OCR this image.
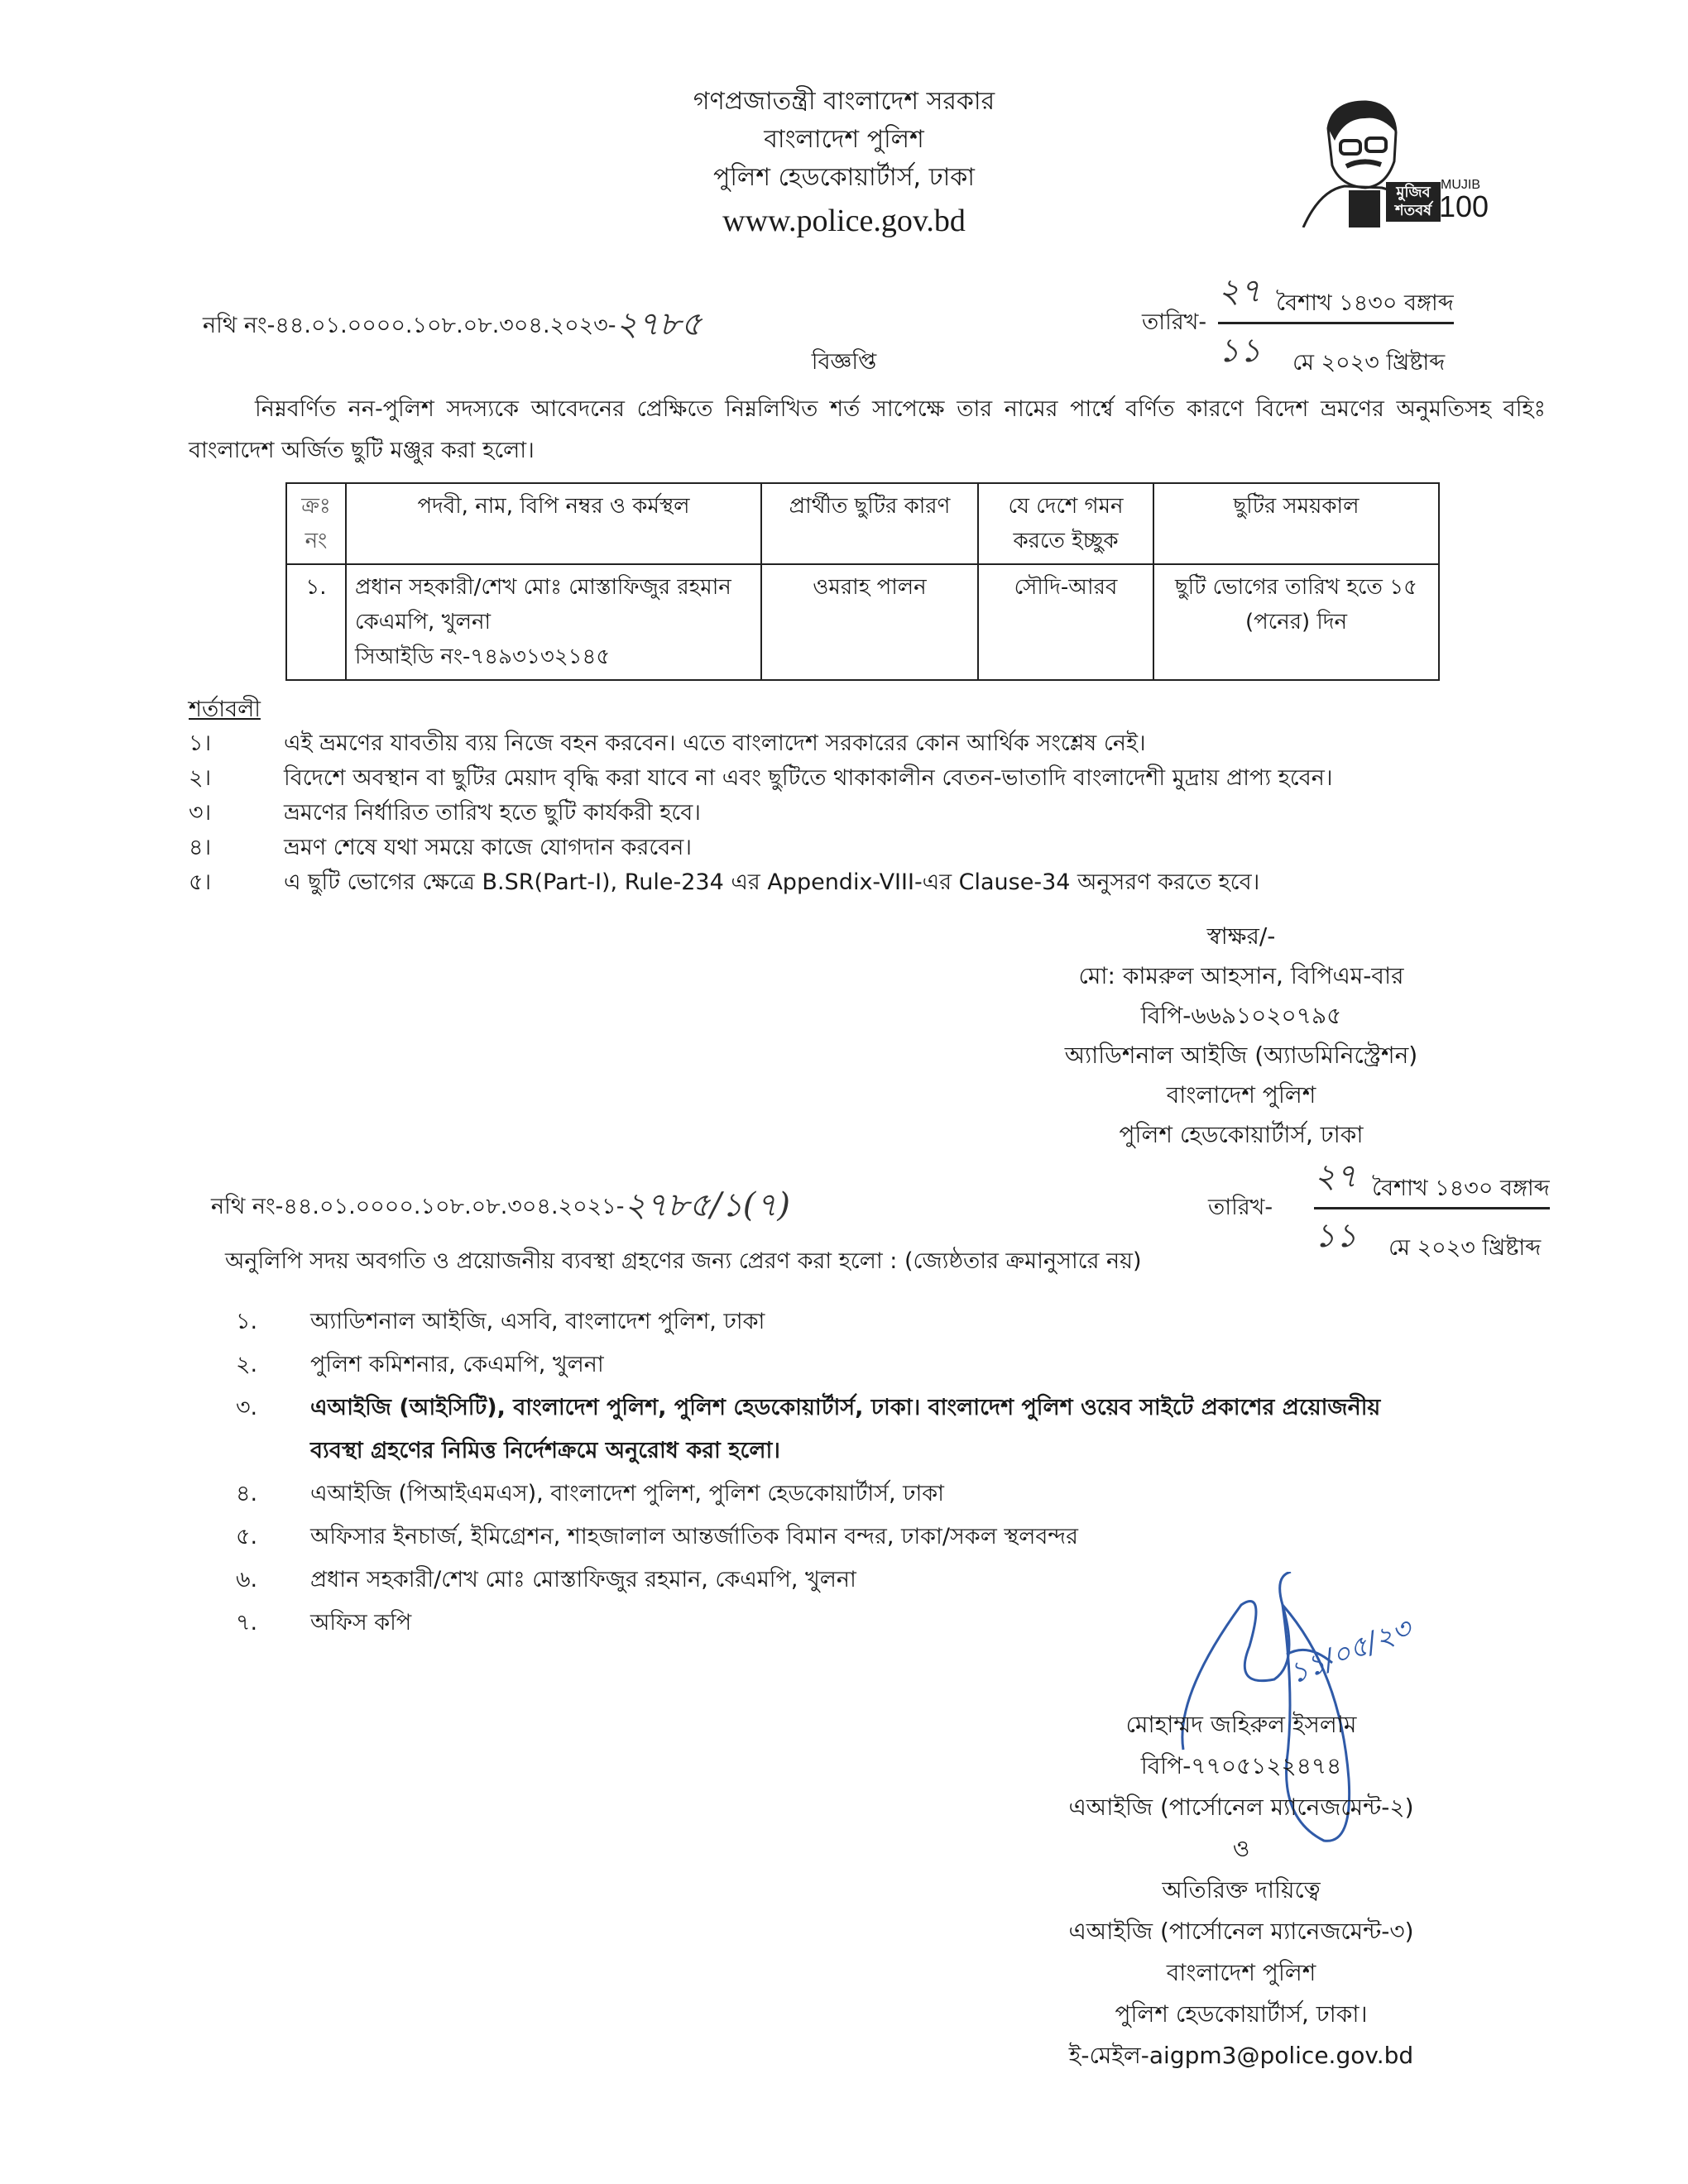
গণপ্রজাতন্ত্রী বাংলাদেশ সরকার
বাংলাদেশ পুলিশ
পুলিশ হেডকোয়ার্টার্স, ঢাকা
www.police.gov.bd
মুজিব শতবর্ষ
MUJIB
100
নথি নং-৪৪.০১.০০০০.১০৮.০৮.৩০৪.২০২৩- ২৭৮৫	তারিখ- $\frac{\text{২৭ বৈশাখ ১৪৩০ বঙ্গাব্দ}}{\text{১১ মে ২০২৩ খ্রিষ্টাব্দ}}$
বিজ্ঞপ্তি
নিম্নবর্ণিত নন-পুলিশ সদস্যকে আবেদনের প্রেক্ষিতে নিম্নলিখিত শর্ত সাপেক্ষে তার নামের পার্শ্বে বর্ণিত কারণে বিদেশ ভ্রমণের অনুমতিসহ বহিঃ বাংলাদেশ অর্জিত ছুটি মঞ্জুর করা হলো।
ক্রঃ নং	পদবী, নাম, বিপি নম্বর ও কর্মস্থল	প্রার্থীত ছুটির কারণ	যে দেশে গমন করতে ইচ্ছুক	ছুটির সময়কাল
১.	প্রধান সহকারী/শেখ মোঃ মোস্তাফিজুর রহমান
কেএমপি, খুলনা
সিআইডি নং-৭৪৯৩১৩২১৪৫	ওমরাহ পালন	সৌদি-আরব	ছুটি ভোগের তারিখ হতে ১৫ (পনের) দিন
শর্তাবলী
১।	এই ভ্রমণের যাবতীয় ব্যয় নিজে বহন করবেন। এতে বাংলাদেশ সরকারের কোন আর্থিক সংশ্লেষ নেই।
২।	বিদেশে অবস্থান বা ছুটির মেয়াদ বৃদ্ধি করা যাবে না এবং ছুটিতে থাকাকালীন বেতন-ভাতাদি বাংলাদেশী মুদ্রায় প্রাপ্য হবেন।
৩।	ভ্রমণের নির্ধারিত তারিখ হতে ছুটি কার্যকরী হবে।
৪।	ভ্রমণ শেষে যথা সময়ে কাজে যোগদান করবেন।
৫।	এ ছুটি ভোগের ক্ষেত্রে B.SR(Part-I), Rule-234 এর Appendix-VIII-এর Clause-34 অনুসরণ করতে হবে।
স্বাক্ষর/-
মো: কামরুল আহসান, বিপিএম-বার
বিপি-৬৬৯১০২০৭৯৫
অ্যাডিশনাল আইজি (অ্যাডমিনিস্ট্রেশন)
বাংলাদেশ পুলিশ
পুলিশ হেডকোয়ার্টার্স, ঢাকা
নথি নং-৪৪.০১.০০০০.১০৮.০৮.৩০৪.২০২১- ২৭৮৫/১(৭)	তারিখ- $\frac{\text{২৭ বৈশাখ ১৪৩০ বঙ্গাব্দ}}{\text{১১ মে ২০২৩ খ্রিষ্টাব্দ}}$
অনুলিপি সদয় অবগতি ও প্রয়োজনীয় ব্যবস্থা গ্রহণের জন্য প্রেরণ করা হলো : (জ্যেষ্ঠতার ক্রমানুসারে নয়)
১.	অ্যাডিশনাল আইজি, এসবি, বাংলাদেশ পুলিশ, ঢাকা
২.	পুলিশ কমিশনার, কেএমপি, খুলনা
৩.	এআইজি (আইসিটি), বাংলাদেশ পুলিশ, পুলিশ হেডকোয়ার্টার্স, ঢাকা। বাংলাদেশ পুলিশ ওয়েব সাইটে প্রকাশের প্রয়োজনীয় ব্যবস্থা গ্রহণের নিমিত্ত নির্দেশক্রমে অনুরোধ করা হলো।
৪.	এআইজি (পিআইএমএস), বাংলাদেশ পুলিশ, পুলিশ হেডকোয়ার্টার্স, ঢাকা
৫.	অফিসার ইনচার্জ, ইমিগ্রেশন, শাহজালাল আন্তর্জাতিক বিমান বন্দর, ঢাকা/সকল স্থলবন্দর
৬.	প্রধান সহকারী/শেখ মোঃ মোস্তাফিজুর রহমান, কেএমপি, খুলনা
৭.	অফিস কপি	১১/০৫/২৩
মোহাম্মদ জহিরুল ইসলাম
বিপি-৭৭০৫১২২৪৭৪
এআইজি (পার্সোনেল ম্যানেজমেন্ট-২)
ও
অতিরিক্ত দায়িত্বে
এআইজি (পার্সোনেল ম্যানেজমেন্ট-৩)
বাংলাদেশ পুলিশ
পুলিশ হেডকোয়ার্টার্স, ঢাকা।
ই-মেইল-aigpm3@police.gov.bd
